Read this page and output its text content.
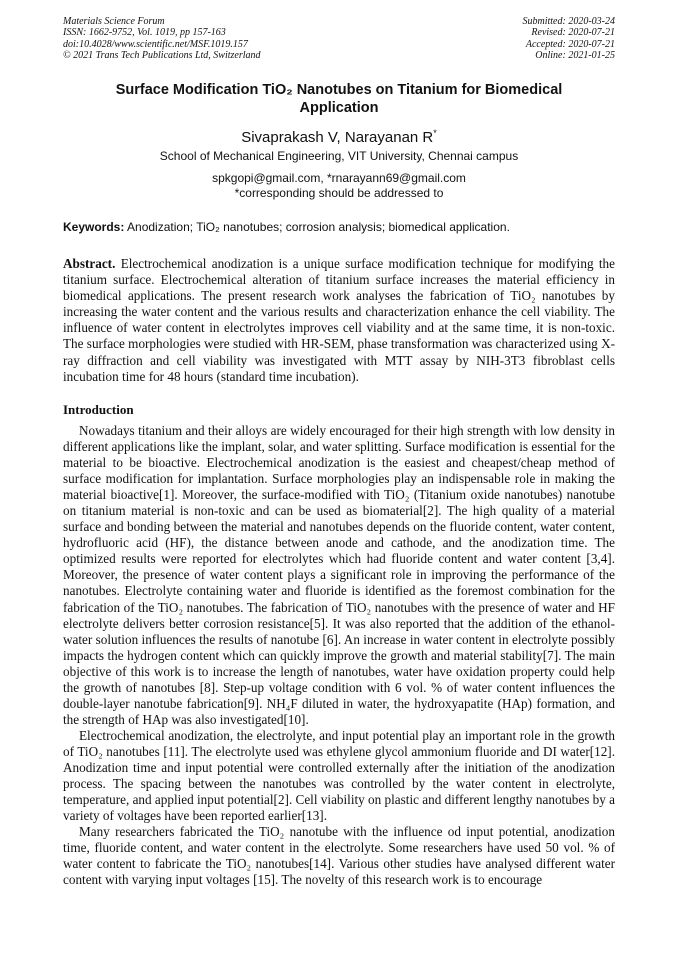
Materials Science Forum
ISSN: 1662-9752, Vol. 1019, pp 157-163
doi:10.4028/www.scientific.net/MSF.1019.157
© 2021 Trans Tech Publications Ltd, Switzerland
Submitted: 2020-03-24
Revised: 2020-07-21
Accepted: 2020-07-21
Online: 2021-01-25
Surface Modification TiO₂ Nanotubes on Titanium for Biomedical
Application
Sivaprakash V, Narayanan R*
School of Mechanical Engineering, VIT University, Chennai campus
spkgopi@gmail.com, *rnarayann69@gmail.com
*corresponding should be addressed to
Keywords: Anodization; TiO₂ nanotubes; corrosion analysis; biomedical application.

Abstract. Electrochemical anodization is a unique surface modification technique for modifying the titanium surface. Electrochemical alteration of titanium surface increases the material efficiency in biomedical applications. The present research work analyses the fabrication of TiO₂ nanotubes by increasing the water content and the various results and characterization enhance the cell viability. The influence of water content in electrolytes improves cell viability and at the same time, it is non-toxic. The surface morphologies were studied with HR-SEM, phase transformation was characterized using X-ray diffraction and cell viability was investigated with MTT assay by NIH-3T3 fibroblast cells incubation time for 48 hours (standard time incubation).

Introduction

Nowadays titanium and their alloys are widely encouraged for their high strength with low density in different applications like the implant, solar, and water splitting. Surface modification is essential for the material to be bioactive. Electrochemical anodization is the easiest and cheapest/cheap method of surface modification for implantation. Surface morphologies play an indispensable role in making the material bioactive[1]. Moreover, the surface-modified with TiO₂ (Titanium oxide nanotubes) nanotube on titanium material is non-toxic and can be used as biomaterial[2]. The high quality of a material surface and bonding between the material and nanotubes depends on the fluoride content, water content, hydrofluoric acid (HF), the distance between anode and cathode, and the anodization time. The optimized results were reported for electrolytes which had fluoride content and water content [3,4]. Moreover, the presence of water content plays a significant role in improving the performance of the nanotubes. Electrolyte containing water and fluoride is identified as the foremost combination for the fabrication of the TiO₂ nanotubes. The fabrication of TiO₂ nanotubes with the presence of water and HF electrolyte delivers better corrosion resistance[5]. It was also reported that the addition of the ethanol-water solution influences the results of nanotube [6]. An increase in water content in electrolyte possibly impacts the hydrogen content which can quickly improve the growth and material stability[7]. The main objective of this work is to increase the length of nanotubes, water have oxidation property could help the growth of nanotubes [8]. Step-up voltage condition with 6 vol. % of water content influences the double-layer nanotube fabrication[9]. NH₄F diluted in water, the hydroxyapatite (HAp) formation, and the strength of HAp was also investigated[10].

Electrochemical anodization, the electrolyte, and input potential play an important role in the growth of TiO₂ nanotubes [11]. The electrolyte used was ethylene glycol ammonium fluoride and DI water[12]. Anodization time and input potential were controlled externally after the initiation of the anodization process. The spacing between the nanotubes was controlled by the water content in electrolyte, temperature, and applied input potential[2]. Cell viability on plastic and different lengthy nanotubes by a variety of voltages have been reported earlier[13].

Many researchers fabricated the TiO₂ nanotube with the influence od input potential, anodization time, fluoride content, and water content in the electrolyte. Some researchers have used 50 vol. % of water content to fabricate the TiO₂ nanotubes[14]. Various other studies have analysed different water content with varying input voltages [15]. The novelty of this research work is to encourage
